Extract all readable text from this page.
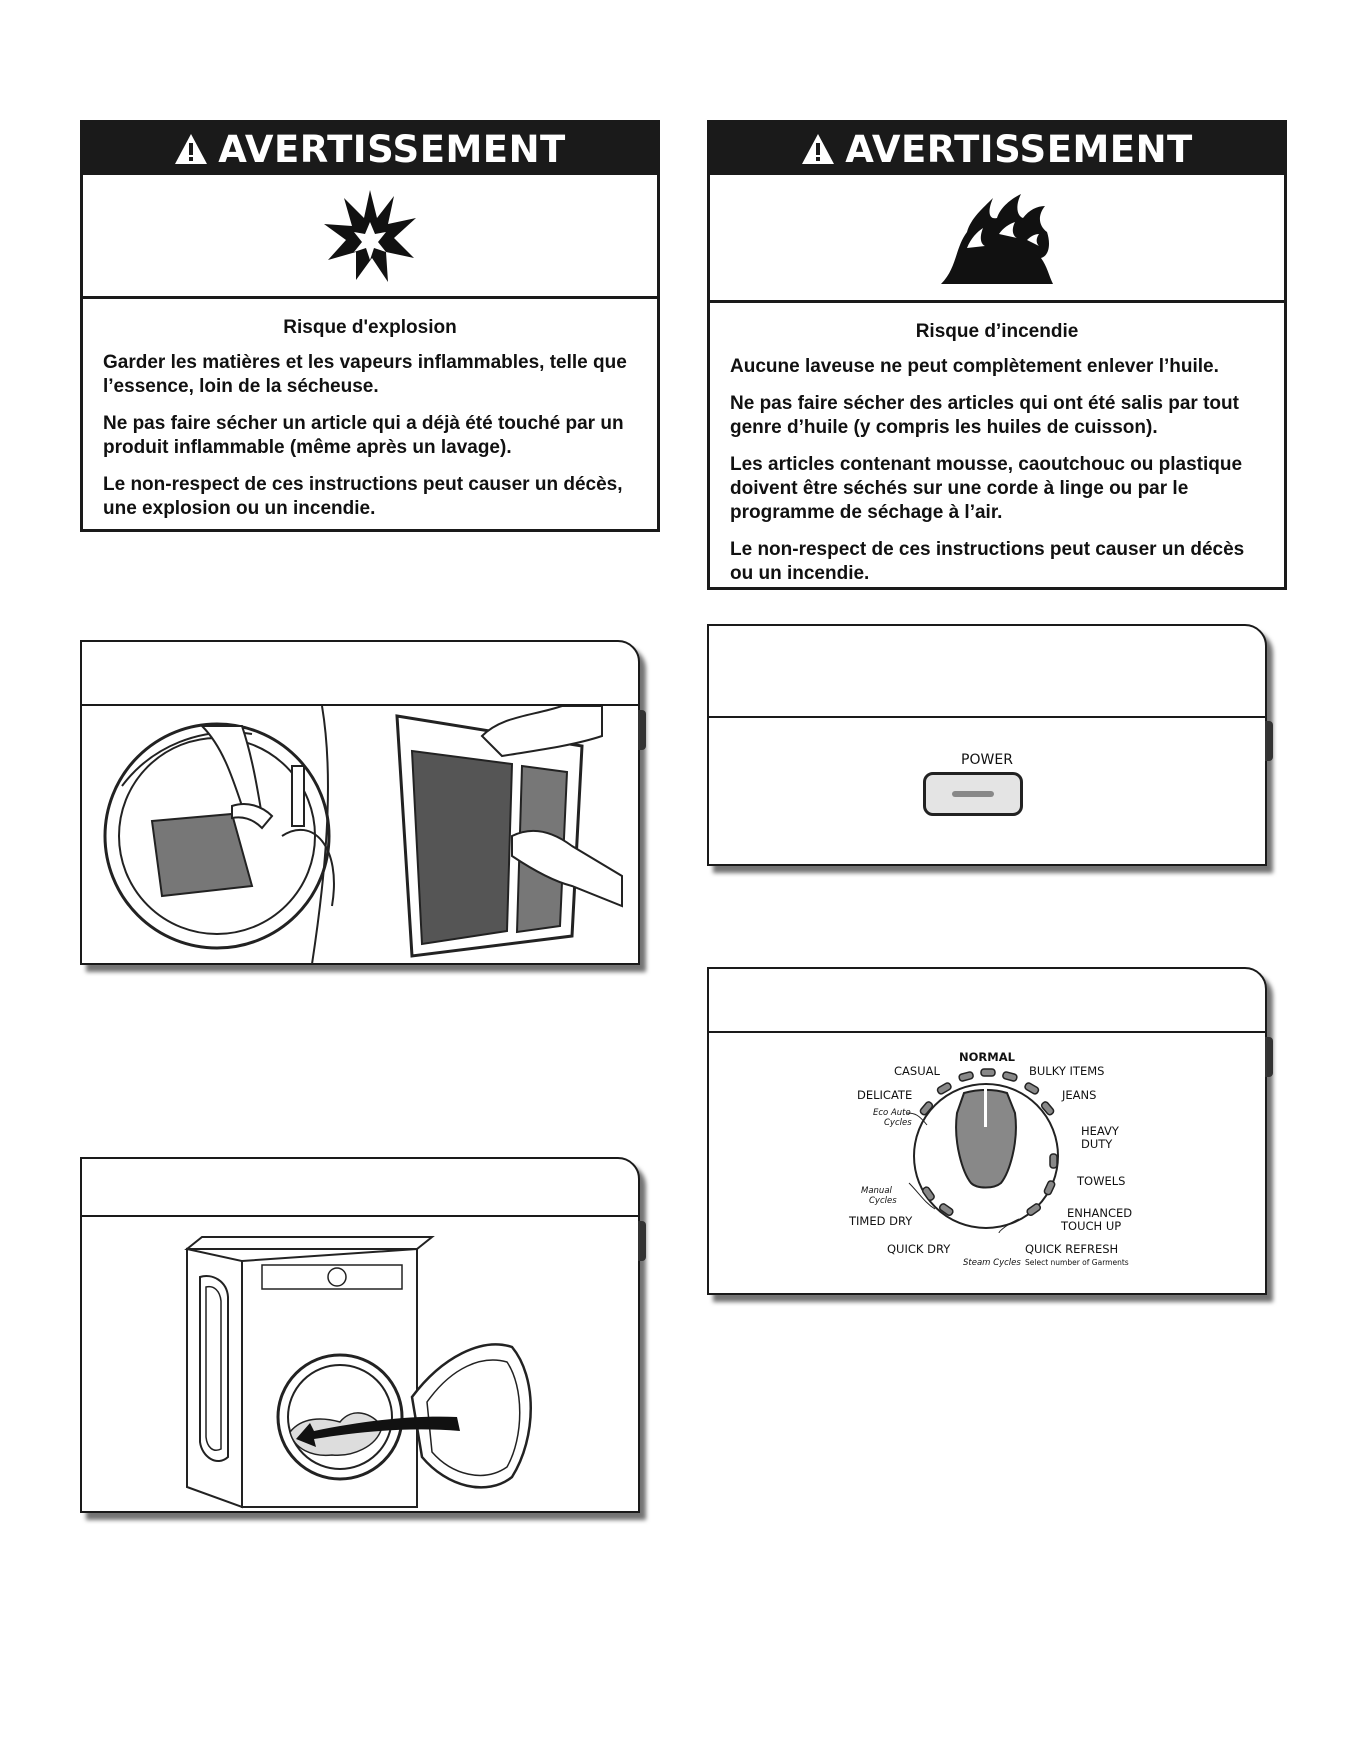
AVERTISSEMENT
Risque d'explosion

Garder les matières et les vapeurs inflammables, telle que l’essence, loin de la sécheuse.

Ne pas faire sécher un article qui a déjà été touché par un produit inflammable (même après un lavage).

Le non-respect de ces instructions peut causer un décès, une explosion ou un incendie.

AVERTISSEMENT
Risque d’incendie

Aucune laveuse ne peut complètement enlever l’huile.

Ne pas faire sécher des articles qui ont été salis par tout genre d’huile (y compris les huiles de cuisson).

Les articles contenant mousse, caoutchouc ou plastique doivent être séchés sur une corde à linge ou par le programme de séchage à l’air.

Le non-respect de ces instructions peut causer un décès ou un incendie.

POWER
CASUAL
NORMAL
BULKY ITEMS
DELICATE	JEANS
HEAVY
DUTY
TOWELS
ENHANCED
TOUCH UP
TIMED DRY
QUICK DRY	QUICK REFRESH
Eco Auto
Cycles
Manual
Cycles
Steam Cycles Select number of Garments
